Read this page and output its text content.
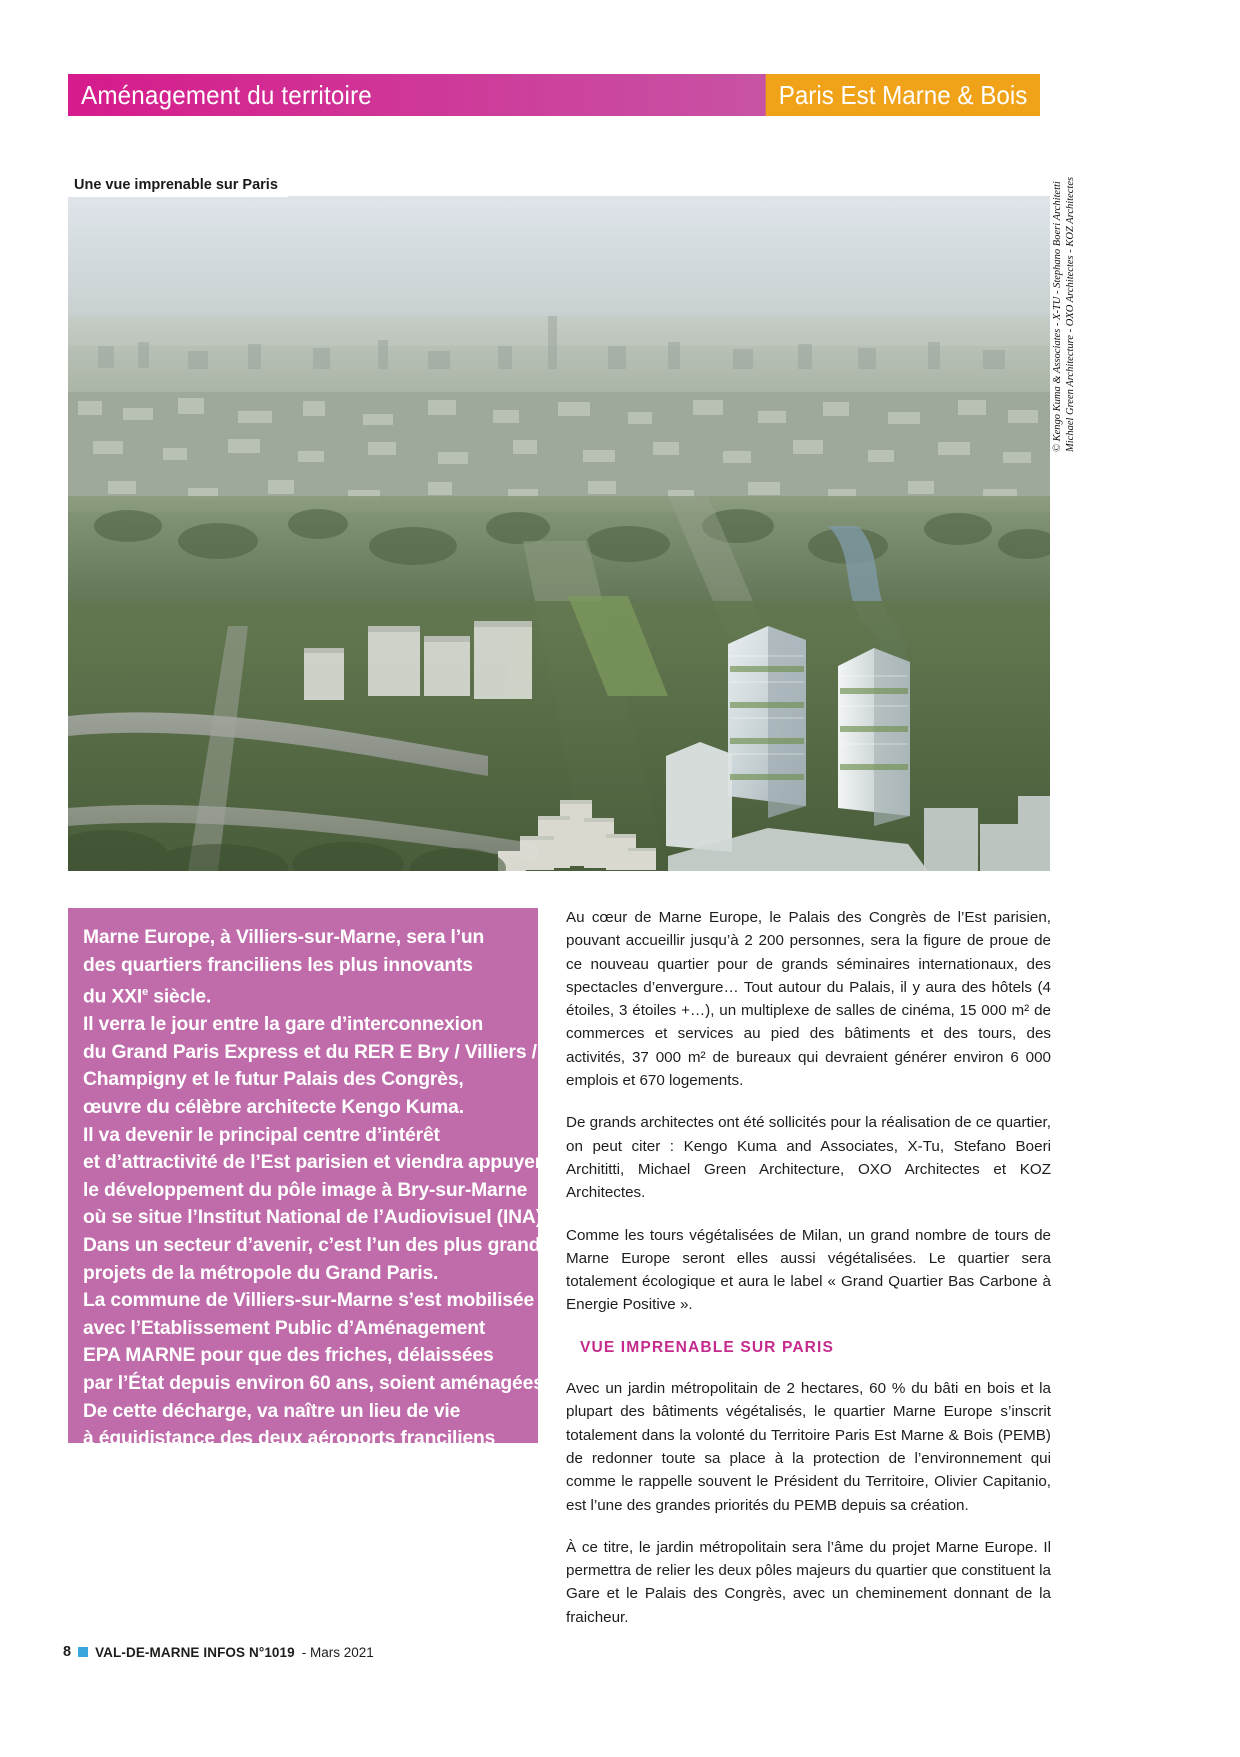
Aménagement du territoire	Paris Est Marne & Bois
Une vue imprenable sur Paris	© Kengo Kuma & Associates - X-TU - Stephano Boeri Architetti Michael Green Architecture - OXO Architectes - KOZ Architectes
Marne Europe, à Villiers-sur-Marne, sera l’un
des quartiers franciliens les plus innovants
du XXIe siècle.
Il verra le jour entre la gare d’interconnexion
du Grand Paris Express et du RER E Bry / Villiers /
Champigny et le futur Palais des Congrès,
œuvre du célèbre architecte Kengo Kuma.
Il va devenir le principal centre d’intérêt
et d’attractivité de l’Est parisien et viendra appuyer
le développement du pôle image à Bry-sur-Marne
où se situe l’Institut National de l’Audiovisuel (INA).
Dans un secteur d’avenir, c’est l’un des plus grands
projets de la métropole du Grand Paris.
La commune de Villiers-sur-Marne s’est mobilisée
avec l’Etablissement Public d’Aménagement
EPA MARNE pour que des friches, délaissées
par l’État depuis environ 60 ans, soient aménagées.
De cette décharge, va naître un lieu de vie
à équidistance des deux aéroports franciliens
(Roissy et Orly), à 20 minutes d’Eurodisney
et à 20 minutes du centre de Paris.
L’état ne s’y est d’ailleurs pas trompé puisque
Marne Europe sera le premier site à bénéficier
du fonds friches gouvernementales.

Au cœur de Marne Europe, le Palais des Congrès de l’Est parisien, pouvant accueillir jusqu’à 2 200 personnes, sera la figure de proue de ce nouveau quartier pour de grands séminaires internationaux, des spectacles d’envergure… Tout autour du Palais, il y aura des hôtels (4 étoiles, 3 étoiles +…), un multiplexe de salles de cinéma, 15 000 m² de commerces et services au pied des bâtiments et des tours, des activités, 37 000 m² de bureaux qui devraient générer environ 6 000 emplois et 670 logements.

De grands architectes ont été sollicités pour la réalisation de ce quartier, on peut citer : Kengo Kuma and Associates, X-Tu, Stefano Boeri Archititti, Michael Green Architecture, OXO Architectes et KOZ Architectes.

Comme les tours végétalisées de Milan, un grand nombre de tours de Marne Europe seront elles aussi végétalisées. Le quartier sera totalement écologique et aura le label « Grand Quartier Bas Carbone à Energie Positive ».

VUE IMPRENABLE SUR PARIS

Avec un jardin métropolitain de 2 hectares, 60 % du bâti en bois et la plupart des bâtiments végétalisés, le quartier Marne Europe s’inscrit totalement dans la volonté du Territoire Paris Est Marne & Bois (PEMB) de redonner toute sa place à la protection de l’environnement qui comme le rappelle souvent le Président du Territoire, Olivier Capitanio, est l’une des grandes priorités du PEMB depuis sa création.

À ce titre, le jardin métropolitain sera l’âme du projet Marne Europe. Il permettra de relier les deux pôles majeurs du quartier que constituent la Gare et le Palais des Congrès, avec un cheminement donnant de la fraicheur.

8 VAL-DE-MARNE INFOS N°1019 - Mars 2021
